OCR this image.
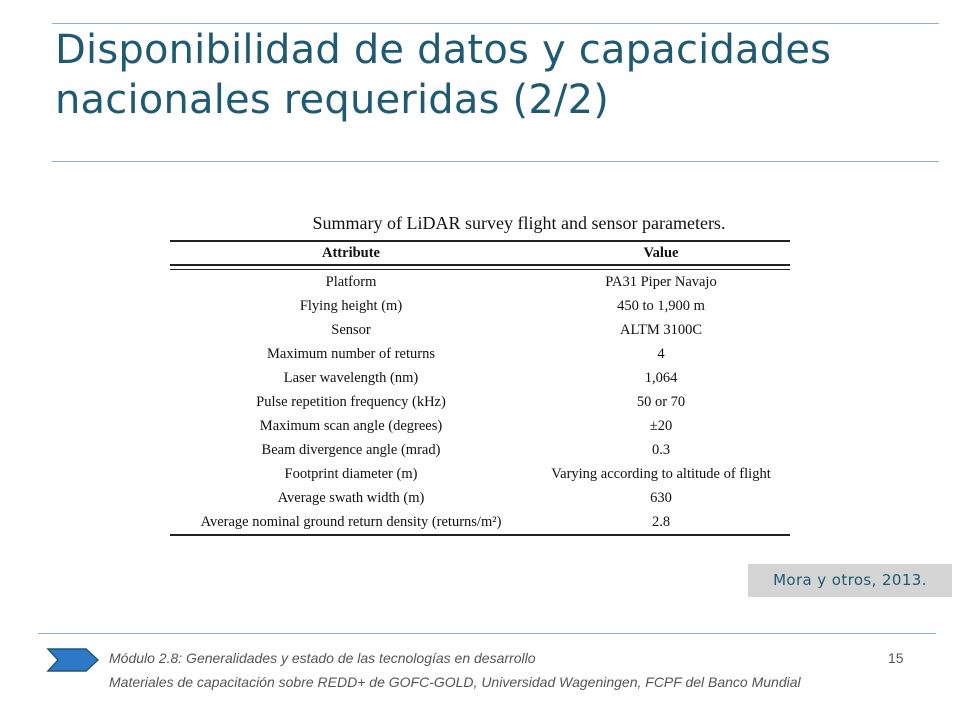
Disponibilidad de datos y capacidades nacionales requeridas (2/2)
Summary of LiDAR survey flight and sensor parameters.
Attribute	Value

Platform	PA31 Piper Navajo
Flying height (m)	450 to 1,900 m
Sensor	ALTM 3100C
Maximum number of returns	4
Laser wavelength (nm)	1,064
Pulse repetition frequency (kHz)	50 or 70
Maximum scan angle (degrees)	±20
Beam divergence angle (mrad)	0.3
Footprint diameter (m)	Varying according to altitude of flight
Average swath width (m)	630
Average nominal ground return density (returns/m²)	2.8
Mora y otros, 2013.
Módulo 2.8: Generalidades y estado de las tecnologías en desarrollo	15
Materiales de capacitación sobre REDD+ de GOFC-GOLD, Universidad Wageningen, FCPF del Banco Mundial
